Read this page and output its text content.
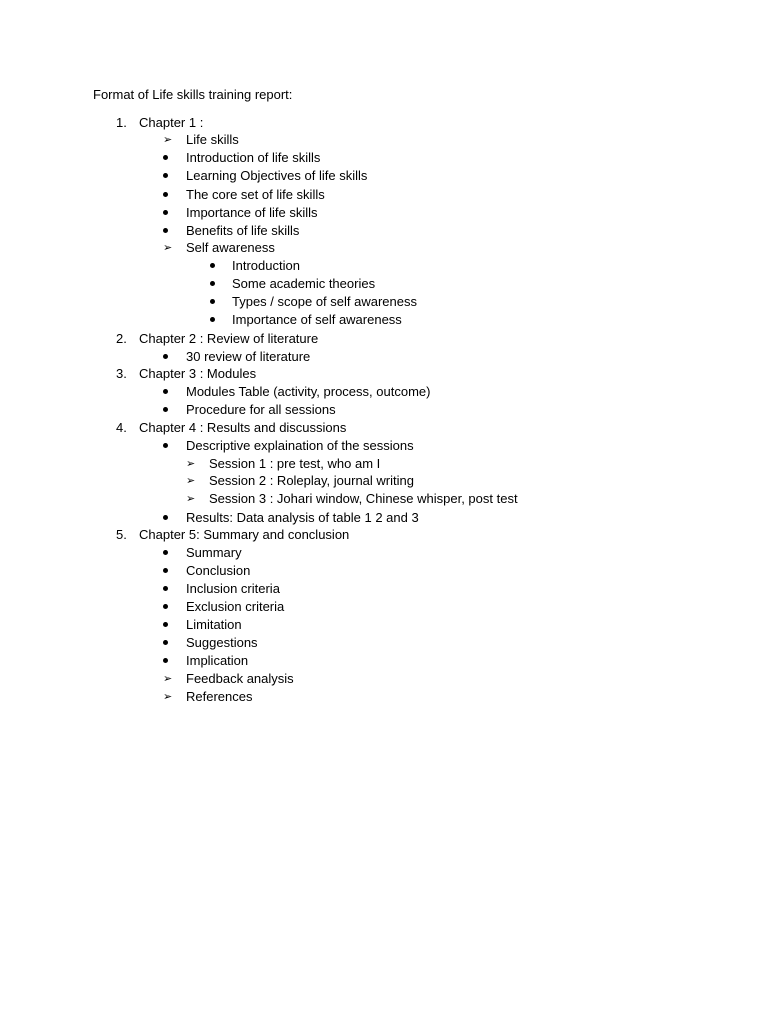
Format of Life skills training report:
1. Chapter 1 :
➢ Life skills
Introduction of life skills
Learning Objectives of life skills
The core set of life skills
Importance of life skills
Benefits of life skills
➢ Self awareness
Introduction
Some academic theories
Types / scope of self awareness
Importance of self awareness
2. Chapter 2 : Review of literature
30 review of literature
3. Chapter 3 : Modules
Modules Table (activity, process, outcome)
Procedure for all sessions
4. Chapter 4 : Results and discussions
Descriptive explaination of the sessions
➢ Session 1 : pre test, who am I
➢ Session 2 : Roleplay, journal writing
➢ Session 3 : Johari window, Chinese whisper, post test
Results: Data analysis of table 1 2 and 3
5. Chapter 5: Summary and conclusion
Summary
Conclusion
Inclusion criteria
Exclusion criteria
Limitation
Suggestions
Implication
➢ Feedback analysis
➢ References
